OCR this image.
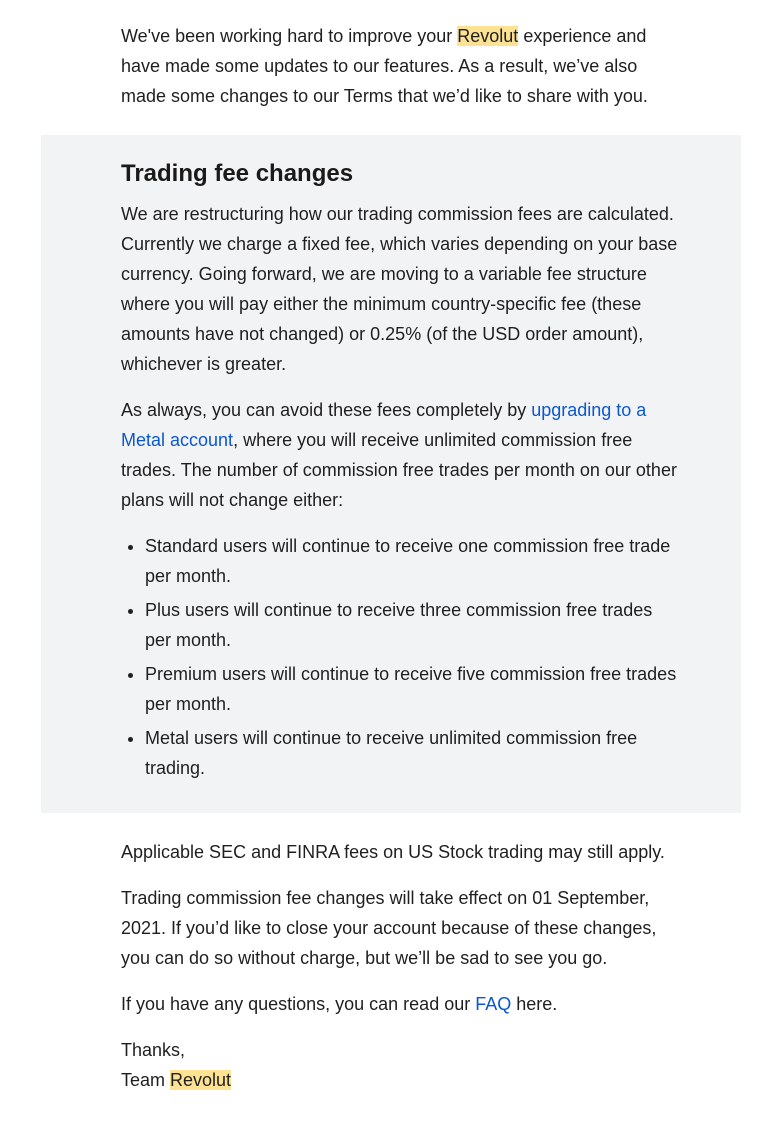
We've been working hard to improve your Revolut experience and have made some updates to our features. As a result, we’ve also made some changes to our Terms that we’d like to share with you.

Trading fee changes

We are restructuring how our trading commission fees are calculated. Currently we charge a fixed fee, which varies depending on your base currency. Going forward, we are moving to a variable fee structure where you will pay either the minimum country-specific fee (these amounts have not changed) or 0.25% (of the USD order amount), whichever is greater.

As always, you can avoid these fees completely by upgrading to a Metal account, where you will receive unlimited commission free trades. The number of commission free trades per month on our other plans will not change either:

• Standard users will continue to receive one commission free trade per month.
• Plus users will continue to receive three commission free trades per month.
• Premium users will continue to receive five commission free trades per month.
• Metal users will continue to receive unlimited commission free trading.

Applicable SEC and FINRA fees on US Stock trading may still apply.

Trading commission fee changes will take effect on 01 September, 2021. If you’d like to close your account because of these changes, you can do so without charge, but we’ll be sad to see you go.

If you have any questions, you can read our FAQ here.

Thanks,
Team Revolut
